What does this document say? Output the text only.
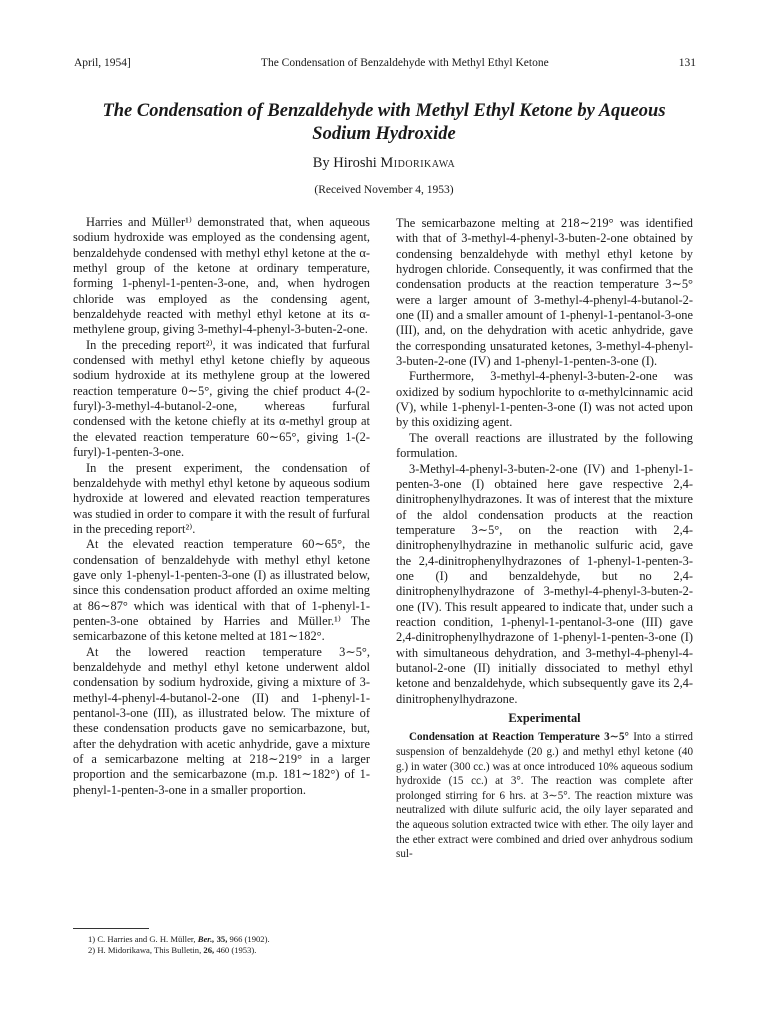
April, 1954]	The Condensation of Benzaldehyde with Methyl Ethyl Ketone	131
The Condensation of Benzaldehyde with Methyl Ethyl Ketone by Aqueous
Sodium Hydroxide
By Hiroshi Midorikawa
(Received November 4, 1953)

Harries and Müller¹⁾ demonstrated that, when aqueous sodium hydroxide was employed as the condensing agent, benzaldehyde condensed with methyl ethyl ketone at the α-methyl group of the ketone at ordinary temperature, forming 1-phenyl-1-penten-3-one, and, when hydrogen chloride was employed as the condensing agent, benzaldehyde reacted with methyl ethyl ketone at its α-methylene group, giving 3-methyl-4-phenyl-3-buten-2-one.

In the preceding report²⁾, it was indicated that furfural condensed with methyl ethyl ketone chiefly by aqueous sodium hydroxide at its methylene group at the lowered reaction temperature 0∼5°, giving the chief product 4-(2-furyl)-3-methyl-4-butanol-2-one, whereas furfural condensed with the ketone chiefly at its α-methyl group at the elevated reaction temperature 60∼65°, giving 1-(2-furyl)-1-penten-3-one.

In the present experiment, the condensation of benzaldehyde with methyl ethyl ketone by aqueous sodium hydroxide at lowered and elevated reaction temperatures was studied in order to compare it with the result of furfural in the preceding report²⁾.

At the elevated reaction temperature 60∼65°, the condensation of benzaldehyde with methyl ethyl ketone gave only 1-phenyl-1-penten-3-one (I) as illustrated below, since this condensation product afforded an oxime melting at 86∼87° which was identical with that of 1-phenyl-1-penten-3-one obtained by Harries and Müller.¹⁾ The semicarbazone of this ketone melted at 181∼182°.

At the lowered reaction temperature 3∼5°, benzaldehyde and methyl ethyl ketone underwent aldol condensation by sodium hydroxide, giving a mixture of 3-methyl-4-phenyl-4-butanol-2-one (II) and 1-phenyl-1-pentanol-3-one (III), as illustrated below. The mixture of these condensation products gave no semicarbazone, but, after the dehydration with acetic anhydride, gave a mixture of a semicarbazone melting at 218∼219° in a larger proportion and the semicarbazone (m.p. 181∼182°) of 1-phenyl-1-penten-3-one in a smaller proportion.

The semicarbazone melting at 218∼219° was identified with that of 3-methyl-4-phenyl-3-buten-2-one obtained by condensing benzaldehyde with methyl ethyl ketone by hydrogen chloride. Consequently, it was confirmed that the condensation products at the reaction temperature 3∼5° were a larger amount of 3-methyl-4-phenyl-4-butanol-2-one (II) and a smaller amount of 1-phenyl-1-pentanol-3-one (III), and, on the dehydration with acetic anhydride, gave the corresponding unsaturated ketones, 3-methyl-4-phenyl-3-buten-2-one (IV) and 1-phenyl-1-penten-3-one (I).

Furthermore, 3-methyl-4-phenyl-3-buten-2-one was oxidized by sodium hypochlorite to α-methylcinnamic acid (V), while 1-phenyl-1-penten-3-one (I) was not acted upon by this oxidizing agent.

The overall reactions are illustrated by the following formulation.

3-Methyl-4-phenyl-3-buten-2-one (IV) and 1-phenyl-1-penten-3-one (I) obtained here gave respective 2,4-dinitrophenylhydrazones. It was of interest that the mixture of the aldol condensation products at the reaction temperature 3∼5°, on the reaction with 2,4-dinitrophenylhydrazine in methanolic sulfuric acid, gave the 2,4-dinitrophenylhydrazones of 1-phenyl-1-penten-3-one (I) and benzaldehyde, but no 2,4-dinitrophenylhydrazone of 3-methyl-4-phenyl-3-buten-2-one (IV). This result appeared to indicate that, under such a reaction condition, 1-phenyl-1-pentanol-3-one (III) gave 2,4-dinitrophenylhydrazone of 1-phenyl-1-penten-3-one (I) with simultaneous dehydration, and 3-methyl-4-phenyl-4-butanol-2-one (II) initially dissociated to methyl ethyl ketone and benzaldehyde, which subsequently gave its 2,4-dinitrophenylhydrazone.

Experimental

Condensation at Reaction Temperature 3∼5° Into a stirred suspension of benzaldehyde (20 g.) and methyl ethyl ketone (40 g.) in water (300 cc.) was at once introduced 10% aqueous sodium hydroxide (15 cc.) at 3°. The reaction was complete after prolonged stirring for 6 hrs. at 3∼5°. The reaction mixture was neutralized with dilute sulfuric acid, the oily layer separated and the aqueous solution extracted twice with ether. The oily layer and the ether extract were combined and dried over anhydrous sodium sul-

1) C. Harries and G. H. Müller, Ber., 35, 966 (1902).
2) H. Midorikawa, This Bulletin, 26, 460 (1953).
